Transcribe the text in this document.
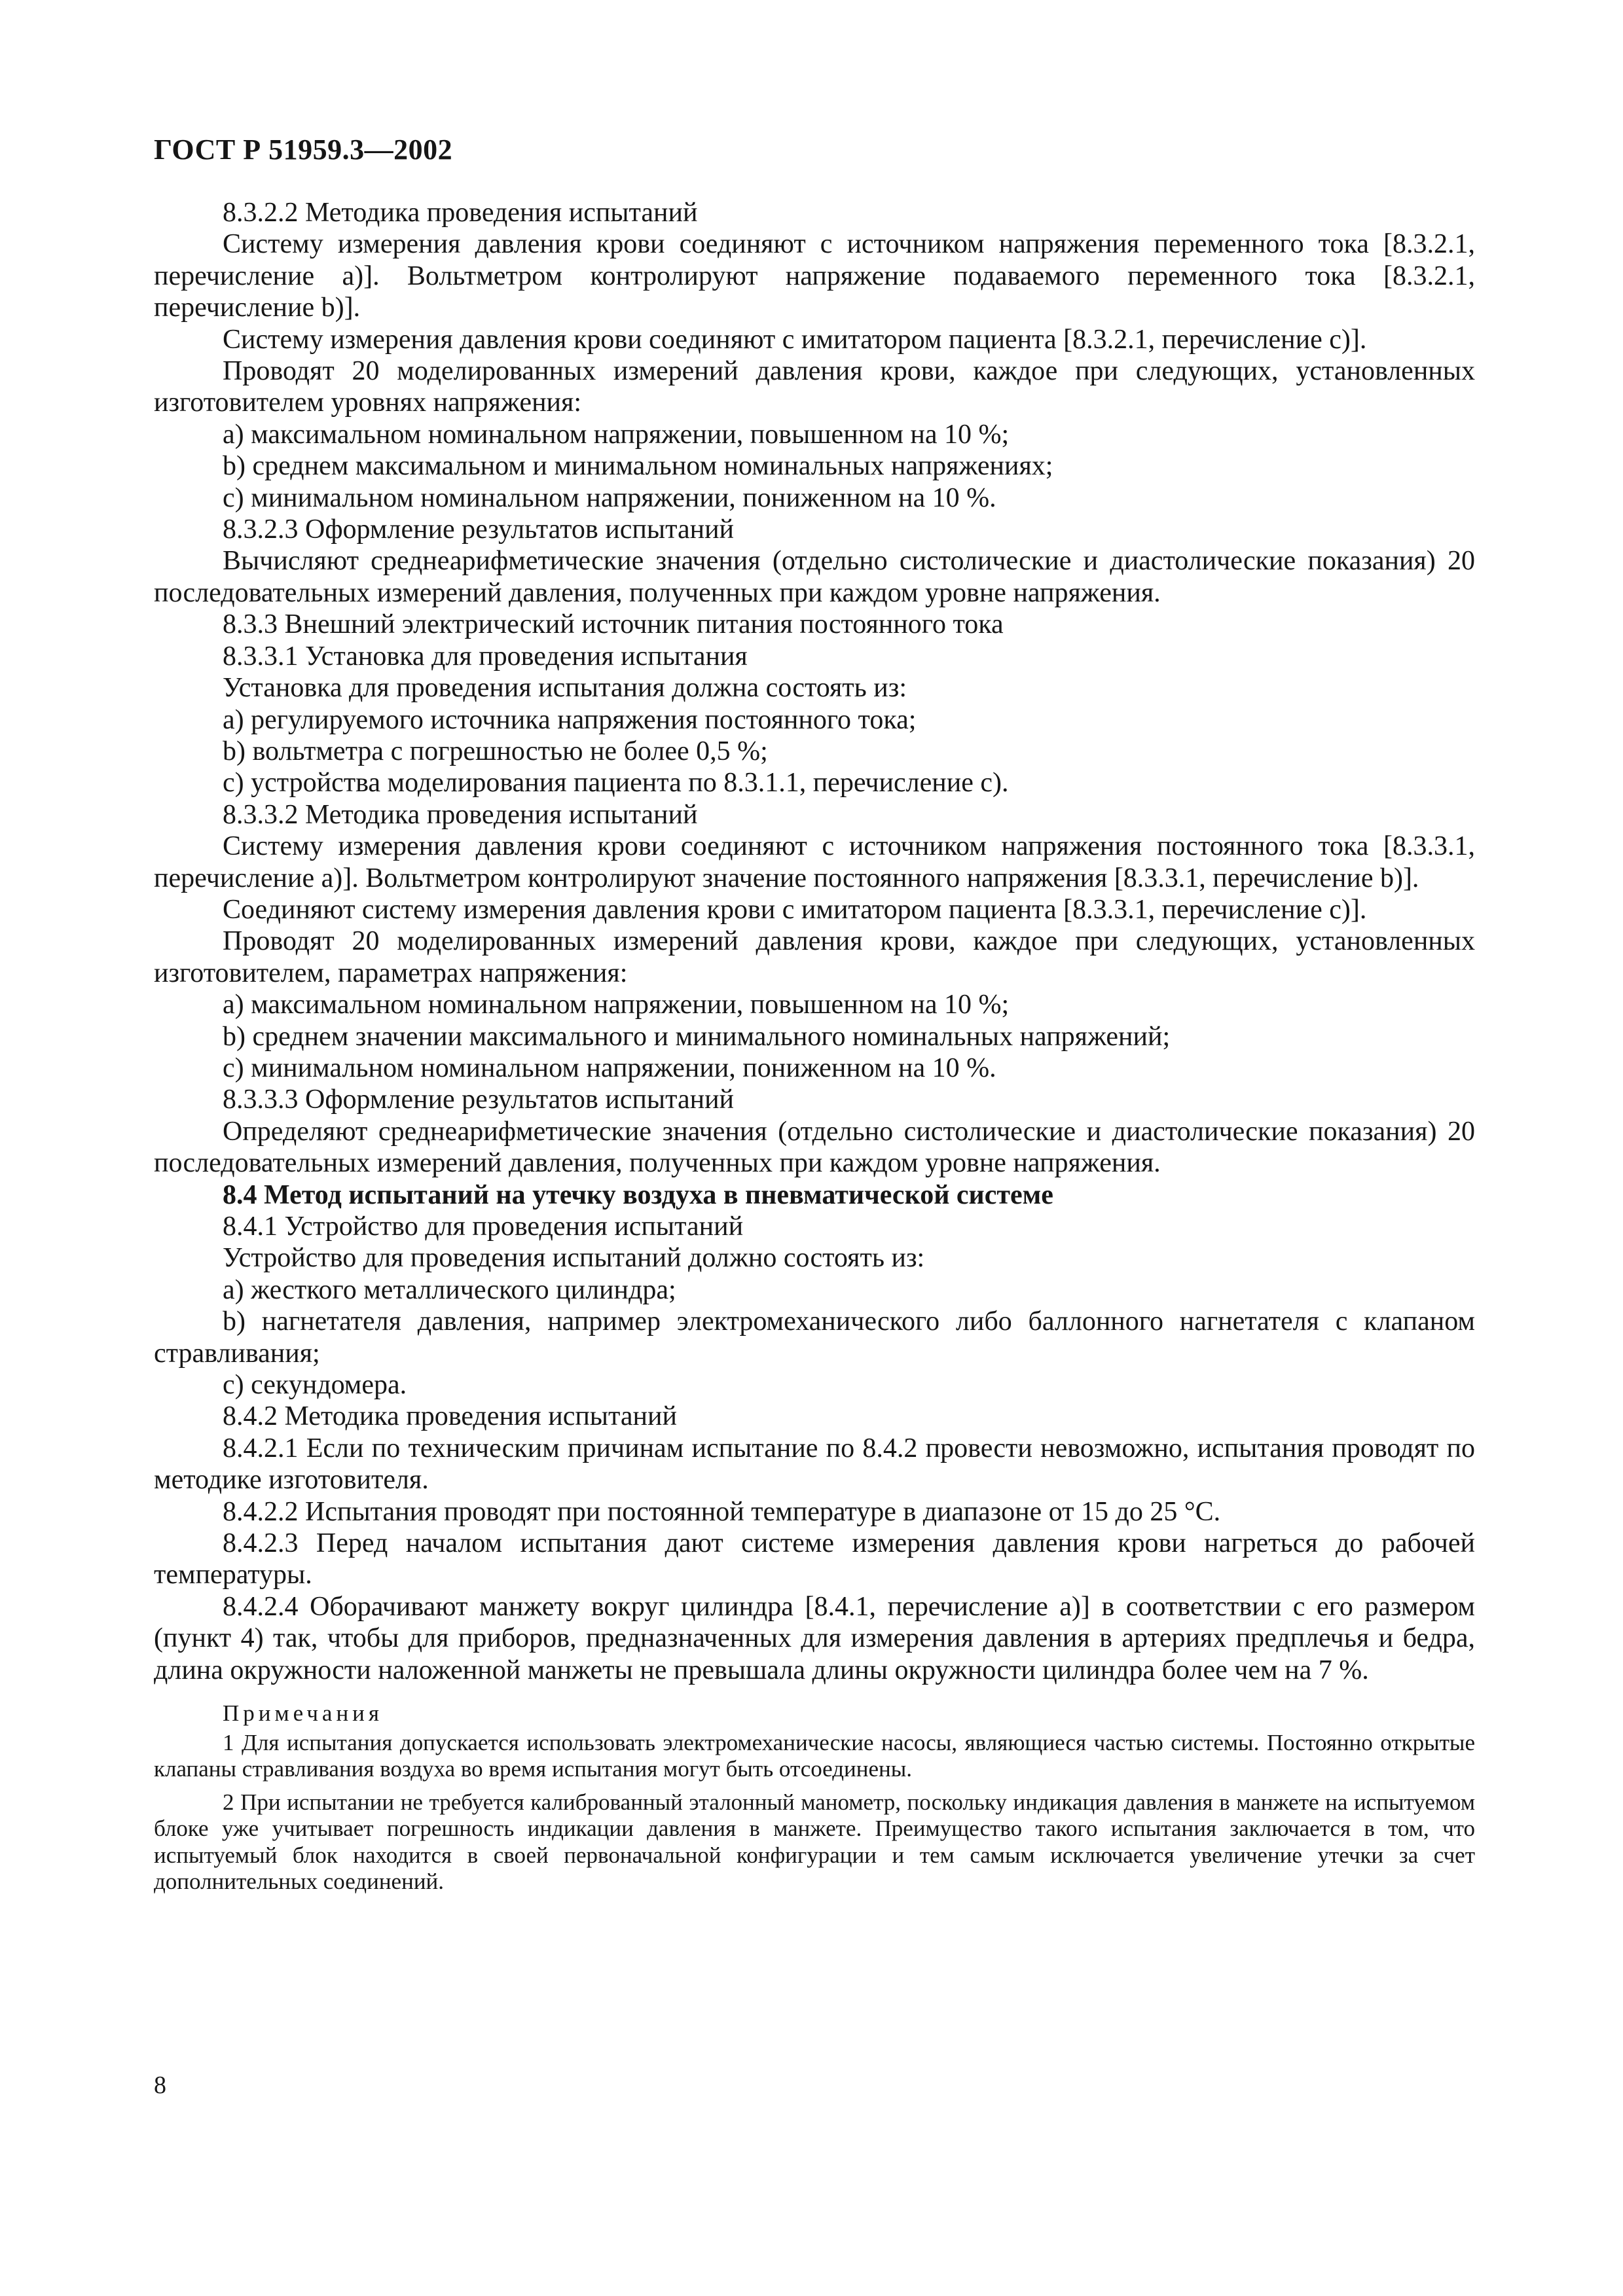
ГОСТ Р 51959.3—2002

8.3.2.2 Методика проведения испытаний

Систему измерения давления крови соединяют с источником напряжения переменного тока [8.3.2.1, перечисление a)]. Вольтметром контролируют напряжение подаваемого переменного тока [8.3.2.1, перечисление b)].

Систему измерения давления крови соединяют с имитатором пациента [8.3.2.1, перечисление c)].

Проводят 20 моделированных измерений давления крови, каждое при следующих, установленных изготовителем уровнях напряжения:

a) максимальном номинальном напряжении, повышенном на 10 %;

b) среднем максимальном и минимальном номинальных напряжениях;

c) минимальном номинальном напряжении, пониженном на 10 %.

8.3.2.3 Оформление результатов испытаний

Вычисляют среднеарифметические значения (отдельно систолические и диастолические показания) 20 последовательных измерений давления, полученных при каждом уровне напряжения.

8.3.3 Внешний электрический источник питания постоянного тока

8.3.3.1 Установка для проведения испытания

Установка для проведения испытания должна состоять из:

a) регулируемого источника напряжения постоянного тока;

b) вольтметра с погрешностью не более 0,5 %;

c) устройства моделирования пациента по 8.3.1.1, перечисление c).

8.3.3.2 Методика проведения испытаний

Систему измерения давления крови соединяют с источником напряжения постоянного тока [8.3.3.1, перечисление a)]. Вольтметром контролируют значение постоянного напряжения [8.3.3.1, перечисление b)].

Соединяют систему измерения давления крови с имитатором пациента [8.3.3.1, перечисление c)].

Проводят 20 моделированных измерений давления крови, каждое при следующих, установленных изготовителем, параметрах напряжения:

a) максимальном номинальном напряжении, повышенном на 10 %;

b) среднем значении максимального и минимального номинальных напряжений;

c) минимальном номинальном напряжении, пониженном на 10 %.

8.3.3.3 Оформление результатов испытаний

Определяют среднеарифметические значения (отдельно систолические и диастолические показания) 20 последовательных измерений давления, полученных при каждом уровне напряжения.

8.4 Метод испытаний на утечку воздуха в пневматической системе

8.4.1 Устройство для проведения испытаний

Устройство для проведения испытаний должно состоять из:

a) жесткого металлического цилиндра;

b) нагнетателя давления, например электромеханического либо баллонного нагнетателя с клапаном стравливания;

c) секундомера.

8.4.2 Методика проведения испытаний

8.4.2.1 Если по техническим причинам испытание по 8.4.2 провести невозможно, испытания проводят по методике изготовителя.

8.4.2.2 Испытания проводят при постоянной температуре в диапазоне от 15 до 25 °C.

8.4.2.3 Перед началом испытания дают системе измерения давления крови нагреться до рабочей температуры.

8.4.2.4 Оборачивают манжету вокруг цилиндра [8.4.1, перечисление a)] в соответствии с его размером (пункт 4) так, чтобы для приборов, предназначенных для измерения давления в артериях предплечья и бедра, длина окружности наложенной манжеты не превышала длины окружности цилиндра более чем на 7 %.

Примечания

1 Для испытания допускается использовать электромеханические насосы, являющиеся частью системы. Постоянно открытые клапаны стравливания воздуха во время испытания могут быть отсоединены.

2 При испытании не требуется калиброванный эталонный манометр, поскольку индикация давления в манжете на испытуемом блоке уже учитывает погрешность индикации давления в манжете. Преимущество такого испытания заключается в том, что испытуемый блок находится в своей первоначальной конфигурации и тем самым исключается увеличение утечки за счет дополнительных соединений.

8
